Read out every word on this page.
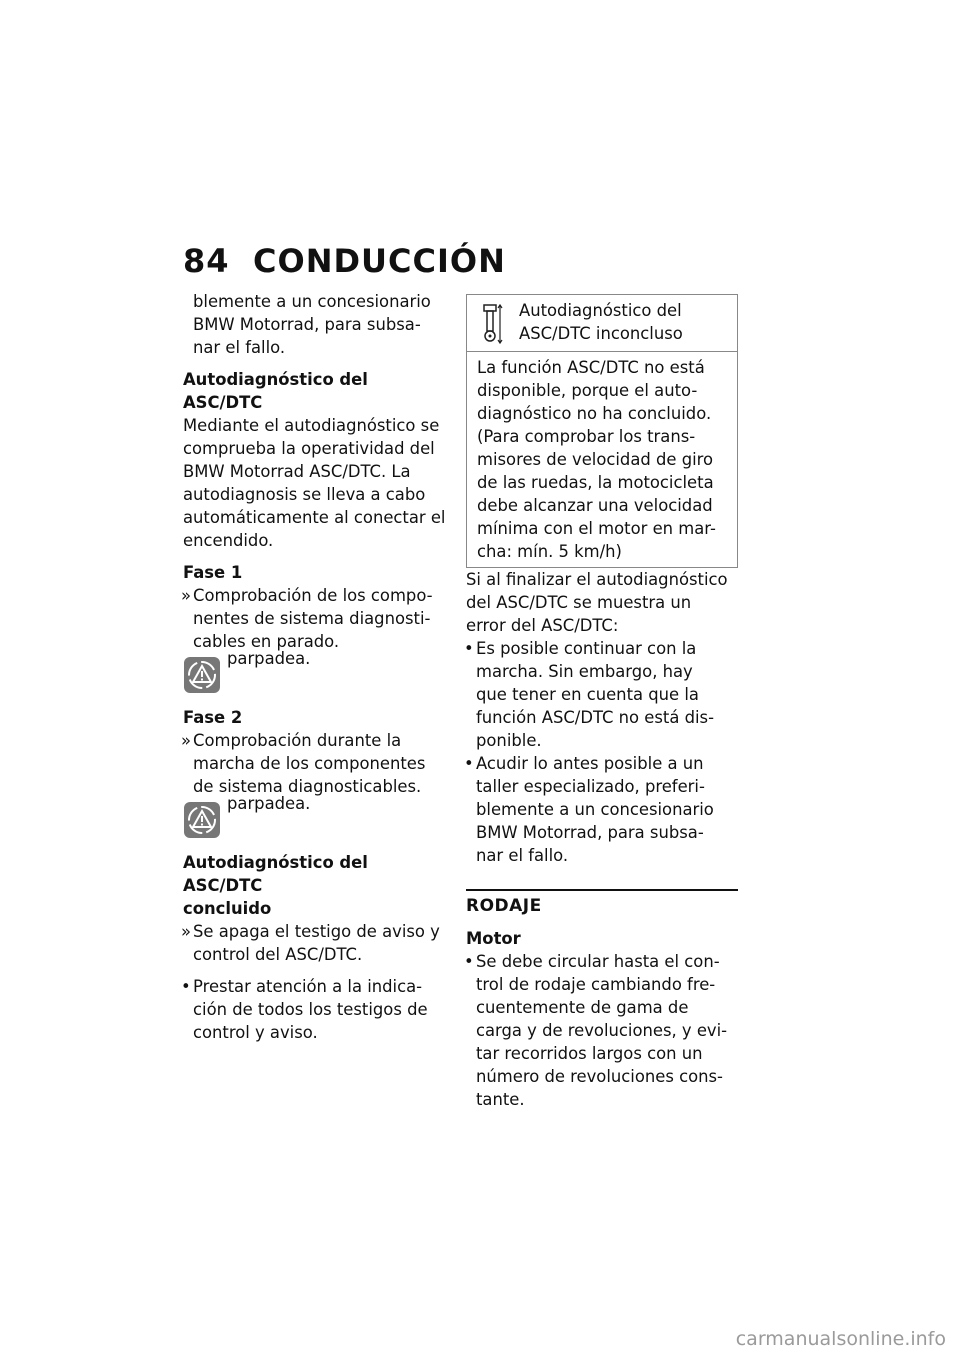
84 CONDUCCIÓN

blemente a un concesionario

BMW Motorrad, para subsa-

nar el fallo.

Autodiagnóstico del ASC/DTC

Mediante el autodiagnóstico se

comprueba la operatividad del

BMW Motorrad ASC/DTC. La

autodiagnosis se lleva a cabo

automáticamente al conectar el

encendido.

Fase 1

» Comprobación de los compo-

nentes de sistema diagnosti-

cables en parado.

parpadea.

Fase 2

» Comprobación durante la

marcha de los componentes

de sistema diagnosticables.

parpadea.

Autodiagnóstico del ASC/DTC

concluido

» Se apaga el testigo de aviso y

control del ASC/DTC.

• Prestar atención a la indica-

ción de todos los testigos de

control y aviso.

Autodiagnóstico del

ASC/DTC inconcluso

La función ASC/DTC no está

disponible, porque el auto-

diagnóstico no ha concluido.

(Para comprobar los trans-

misores de velocidad de giro

de las ruedas, la motocicleta

debe alcanzar una velocidad

mínima con el motor en mar-

cha: mín. 5 km/h)

Si al finalizar el autodiagnóstico

del ASC/DTC se muestra un

error del ASC/DTC:

• Es posible continuar con la

marcha. Sin embargo, hay

que tener en cuenta que la

función ASC/DTC no está dis-

ponible.

• Acudir lo antes posible a un

taller especializado, preferi-

blemente a un concesionario

BMW Motorrad, para subsa-

nar el fallo.

RODAJE

Motor

• Se debe circular hasta el con-

trol de rodaje cambiando fre-

cuentemente de gama de

carga y de revoluciones, y evi-

tar recorridos largos con un

número de revoluciones cons-

tante.

carmanualsonline.info
